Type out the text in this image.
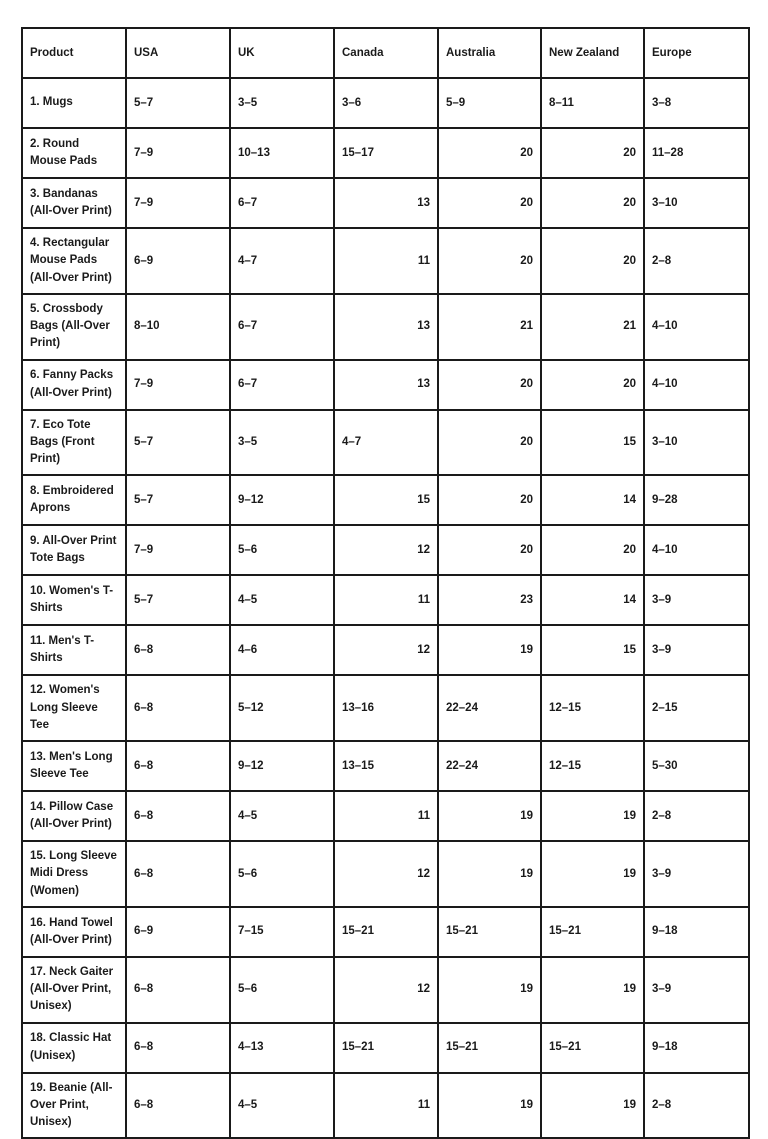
Product	USA	UK	Canada	Australia	New Zealand	Europe
1. Mugs	5–7	3–5	3–6	5–9	8–11	3–8
2. Round Mouse Pads	7–9	10–13	15–17	20	20	11–28
3. Bandanas (All-Over Print)	7–9	6–7	13	20	20	3–10
4. Rectangular Mouse Pads (All-Over Print)	6–9	4–7	11	20	20	2–8
5. Crossbody Bags (All-Over Print)	8–10	6–7	13	21	21	4–10
6. Fanny Packs (All-Over Print)	7–9	6–7	13	20	20	4–10
7. Eco Tote Bags (Front Print)	5–7	3–5	4–7	20	15	3–10
8. Embroidered Aprons	5–7	9–12	15	20	14	9–28
9. All-Over Print Tote Bags	7–9	5–6	12	20	20	4–10
10. Women's T-Shirts	5–7	4–5	11	23	14	3–9
11. Men's T-Shirts	6–8	4–6	12	19	15	3–9
12. Women's Long Sleeve Tee	6–8	5–12	13–16	22–24	12–15	2–15
13. Men's Long Sleeve Tee	6–8	9–12	13–15	22–24	12–15	5–30
14. Pillow Case (All-Over Print)	6–8	4–5	11	19	19	2–8
15. Long Sleeve Midi Dress (Women)	6–8	5–6	12	19	19	3–9
16. Hand Towel (All-Over Print)	6–9	7–15	15–21	15–21	15–21	9–18
17. Neck Gaiter (All-Over Print, Unisex)	6–8	5–6	12	19	19	3–9
18. Classic Hat (Unisex)	6–8	4–13	15–21	15–21	15–21	9–18
19. Beanie (All-Over Print, Unisex)	6–8	4–5	11	19	19	2–8
